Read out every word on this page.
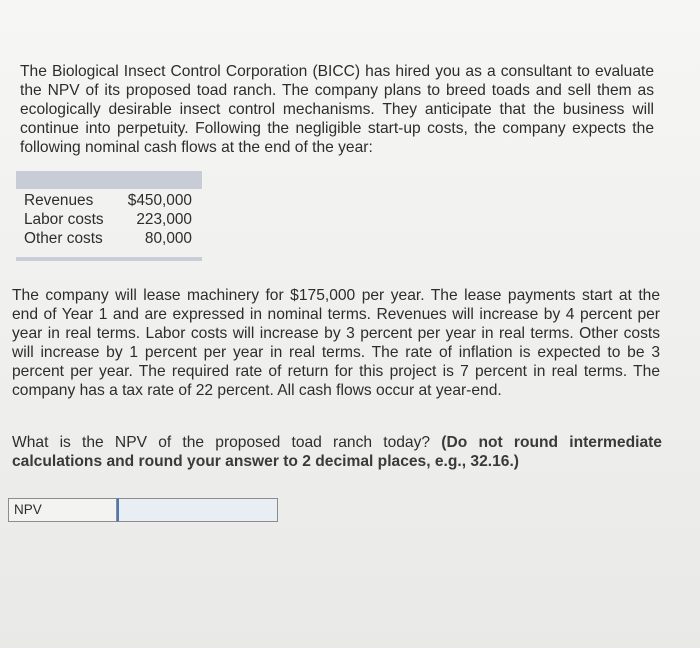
The Biological Insect Control Corporation (BICC) has hired you as a consultant to evaluate the NPV of its proposed toad ranch. The company plans to breed toads and sell them as ecologically desirable insect control mechanisms. They anticipate that the business will continue into perpetuity. Following the negligible start-up costs, the company expects the following nominal cash flows at the end of the year:

Revenues $450,000
Labor costs 223,000
Other costs	80,000

The company will lease machinery for $175,000 per year. The lease payments start at the end of Year 1 and are expressed in nominal terms. Revenues will increase by 4 percent per year in real terms. Labor costs will increase by 3 percent per year in real terms. Other costs will increase by 1 percent per year in real terms. The rate of inflation is expected to be 3 percent per year. The required rate of return for this project is 7 percent in real terms. The company has a tax rate of 22 percent. All cash flows occur at year-end.

What is the NPV of the proposed toad ranch today? (Do not round intermediate calculations and round your answer to 2 decimal places, e.g., 32.16.)

NPV
